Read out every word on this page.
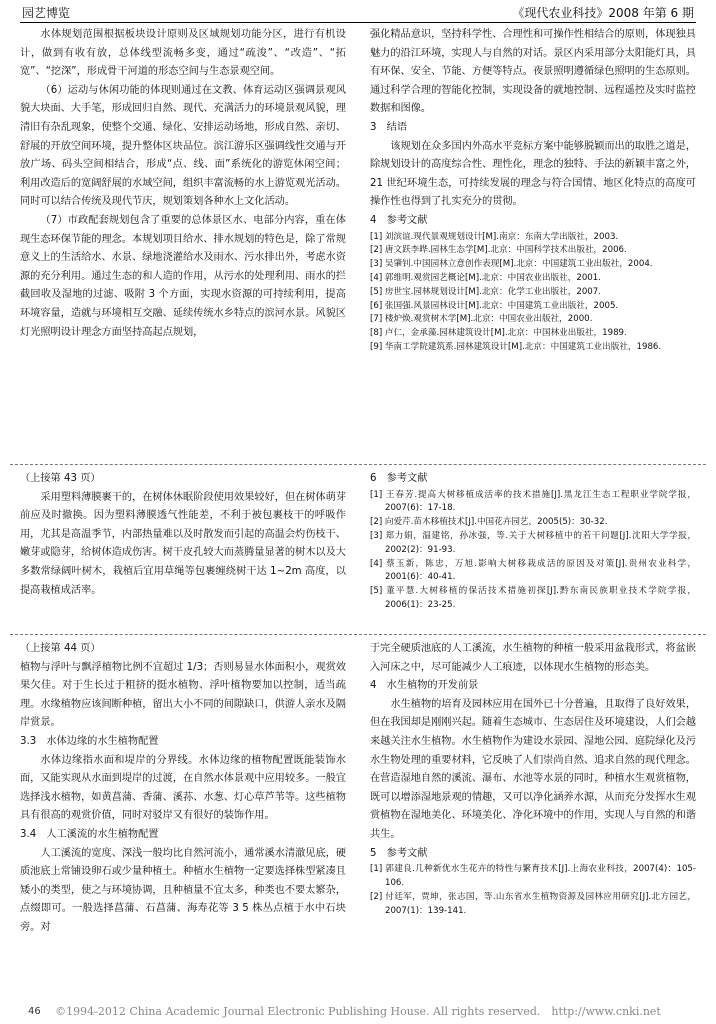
园艺博览	《现代农业科技》2008 年第 6 期

水体规划范围根据板块设计原则及区域规划功能分区，进行有机设计，做到有收有放，总体线型流畅多变，通过“疏浚”、“改造”、“拓宽”、“挖深”，形成骨干河道的形态空间与生态景观空间。

（6）运动与休闲功能的体现则通过在文教、体育运动区强调景观风貌大块面、大手笔，形成回归自然、现代、充满活力的环境景观风貌，理清旧有杂乱现象，使整个交通、绿化、安排运动场地，形成自然、亲切、舒展的开放空间环境，提升整体区块品位。滨江游乐区强调线性交通与开放广场、码头空间相结合，形成“点、线、面”系统化的游览休闲空间；利用改造后的宽阔舒展的水域空间，组织丰富流畅的水上游览观光活动。同时可以结合传统及现代节庆，规划策划各种水上文化活动。

（7）市政配套规划包含了重要的总体景区水、电部分内容，重在体现生态环保节能的理念。本规划项目给水、排水规划的特色是，除了常规意义上的生活给水、水景、绿地浇灌给水及雨水、污水排出外，考虑水资源的充分利用。通过生态的和人造的作用，从污水的处理利用、雨水的拦截回收及湿地的过滤、吸附 3 个方面，实现水资源的可持续利用，提高环境容量，造就与环境相互交融、延续传统水乡特点的滨河水景。风貌区灯光照明设计理念方面坚持高起点规划，

强化精品意识，坚持科学性、合理性和可操作性相结合的原则，体现独具魅力的沿江环境，实现人与自然的对话。景区内采用部分太阳能灯具，具有环保、安全、节能、方便等特点。夜景照明遵循绿色照明的生态原则。通过科学合理的智能化控制，实现设备的就地控制、远程遥控及实时监控数据和图像。

3　结语

该规划在众多国内外高水平竞标方案中能够脱颖而出的取胜之道是，除规划设计的高度综合性、理性化，理念的独特、手法的新颖丰富之外，21 世纪环境生态，可持续发展的理念与符合国情、地区化特点的高度可操作性也得到了扎实充分的贯彻。

4　参考文献

[1] 刘滨谊.现代景观规划设计[M].南京：东南大学出版社，2003.

[2] 唐文跃李晔.园林生态学[M].北京：中国科学技术出版社，2006.

[3] 吴肇钊.中国园林立意创作表现[M].北京：中国建筑工业出版社，2004.

[4] 郭维明.观赏园艺概论[M].北京：中国农业出版社，2001.

[5] 房世宝.园林规划设计[M].北京：化学工业出版社，2007.

[6] 张国强.风景园林设计[M].北京：中国建筑工业出版社，2005.

[7] 楼炉焕.观赏树木学[M].北京：中国农业出版社，2000.

[8] 卢仁，金承藻.园林建筑设计[M].北京：中国林业出版社，1989.

[9] 华南工学院建筑系.园林建筑设计[M].北京：中国建筑工业出版社，1986.

（上接第 43 页）

采用塑料薄膜裹干的，在树体休眠阶段使用效果较好，但在树体萌芽前应及时撤换。因为塑料薄膜透气性能差，不利于被包裹枝干的呼吸作用，尤其是高温季节，内部热量难以及时散发而引起的高温会灼伤枝干、嫩芽或隐芽，给树体造成伤害。树干皮孔较大而蒸腾量显著的树木以及大多数常绿阔叶树木，栽植后宜用草绳等包裹缠绕树干达 1~2m 高度，以提高栽植成活率。

6　参考文献

[1] 王春芳.提高大树移植成活率的技术措施[J].黑龙江生态工程职业学院学报，2007(6)：17-18.

[2] 向爱芹.苗木移植技术[J].中国花卉园艺，2005(5)：30-32.

[3] 郑力娟，温建铭，孙冰强，等.关于大树移植中的若干问题[J].沈阳大学学报，2002(2)：91-93.

[4] 蔡玉新，陈忠，万旭.影响大树移栽成活的原因及对策[J].贵州农业科学，2001(6)：40-41.

[5] 董平慧.大树移植的保活技术措施初探[J].黔东南民族职业技术学院学报，2006(1)：23-25.

（上接第 44 页）

植物与浮叶与飘浮植物比例不宜超过 1/3；否则易显水体面积小，观赏效果欠佳。对于生长过于粗挤的挺水植物、浮叶植物要加以控制，适当疏理。水缘植物应该间断种植，留出大小不同的间隙缺口，供游人亲水及隔岸赏景。

3.3　水体边缘的水生植物配置

水体边缘指水面和堤岸的分界线。水体边缘的植物配置既能装饰水面，又能实现从水面到堤岸的过渡，在自然水体景观中应用较多。一般宜选择浅水植物，如黄菖蒲、香蒲、溪荪、水葱、灯心草芦苇等。这些植物具有很高的观赏价值，同时对驳岸又有很好的装饰作用。

3.4　人工溪流的水生植物配置

人工溪流的宽度、深浅一般均比自然河流小，通常溪水清澈见底，硬质池底上常铺设卵石或少量种植土。种植水生植物一定要选择株型紧凑且矮小的类型，使之与环境协调，且种植量不宜太多，种类也不要太繁杂，点缀即可。一般选择菖蒲、石菖蒲、海寿花等 3 5 株丛点植于水中石块旁。对

于完全硬质池底的人工溪流，水生植物的种植一般采用盆栽形式，将盆嵌入河床之中，尽可能减少人工痕迹，以体现水生植物的形态美。

4　水生植物的开发前景

水生植物的培育及园林应用在国外已十分普遍，且取得了良好效果，但在我国却是刚刚兴起。随着生态城市、生态居住及环境建设，人们会越来越关注水生植物。水生植物作为建设水景园、湿地公园、庭院绿化及污水生物处理的重要材料，它反映了人们崇尚自然、追求自然的现代理念。在营造湿地自然的溪流、瀑布、水池等水景的同时，种植水生观赏植物，既可以增添湿地景观的情趣，又可以净化涵养水源，从而充分发挥水生观赏植物在湿地美化、环境美化、净化环境中的作用，实现人与自然的和谐共生。

5　参考文献

[1] 郭建良.几种新优水生花卉的特性与繁育技术[J].上海农业科技，2007(4)：105-106.

[2] 付廷军，贾坤，张志国，等.山东省水生植物资源及园林应用研究[J].北方园艺，2007(1)：139-141.

46	©1994-2012 China Academic Journal Electronic Publishing House. All rights reserved.　http://www.cnki.net
